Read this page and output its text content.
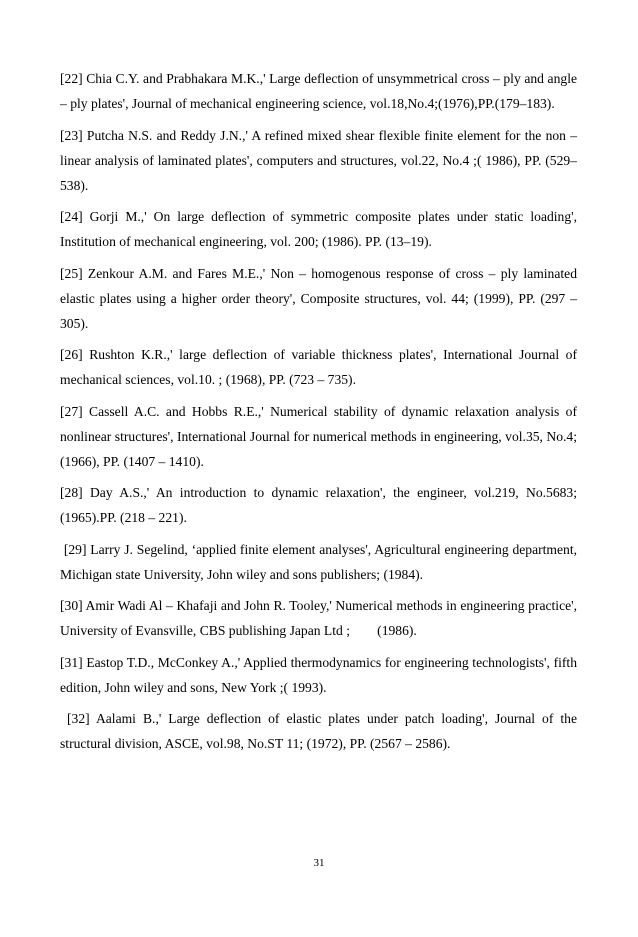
[22] Chia C.Y. and Prabhakara M.K.,' Large deflection of unsymmetrical cross – ply and angle – ply plates', Journal of mechanical engineering science, vol.18,No.4;(1976),PP.(179–183).

[23] Putcha N.S. and Reddy J.N.,' A refined mixed shear flexible finite element for the non – linear analysis of laminated plates', computers and structures, vol.22, No.4 ;( 1986), PP. (529–538).

[24] Gorji M.,' On large deflection of symmetric composite plates under static loading', Institution of mechanical engineering, vol. 200; (1986). PP. (13–19).

[25] Zenkour A.M. and Fares M.E.,' Non – homogenous response of cross – ply laminated elastic plates using a higher order theory', Composite structures, vol. 44; (1999), PP. (297 – 305).

[26] Rushton K.R.,' large deflection of variable thickness plates', International Journal of mechanical sciences, vol.10. ; (1968), PP. (723 – 735).

[27] Cassell A.C. and Hobbs R.E.,' Numerical stability of dynamic relaxation analysis of nonlinear structures', International Journal for numerical methods in engineering, vol.35, No.4; (1966), PP. (1407 – 1410).

[28] Day A.S.,' An introduction to dynamic relaxation', the engineer, vol.219, No.5683; (1965).PP. (218 – 221).

[29] Larry J. Segelind, ‘applied finite element analyses', Agricultural engineering department, Michigan state University, John wiley and sons publishers; (1984).

[30] Amir Wadi Al – Khafaji and John R. Tooley,' Numerical methods in engineering practice', University of Evansville, CBS publishing Japan Ltd ;        (1986).

[31] Eastop T.D., McConkey A.,' Applied thermodynamics for engineering technologists', fifth edition, John wiley and sons, New York ;( 1993).

[32] Aalami B.,' Large deflection of elastic plates under patch loading', Journal of the structural division, ASCE, vol.98, No.ST 11; (1972), PP. (2567 – 2586).

31
